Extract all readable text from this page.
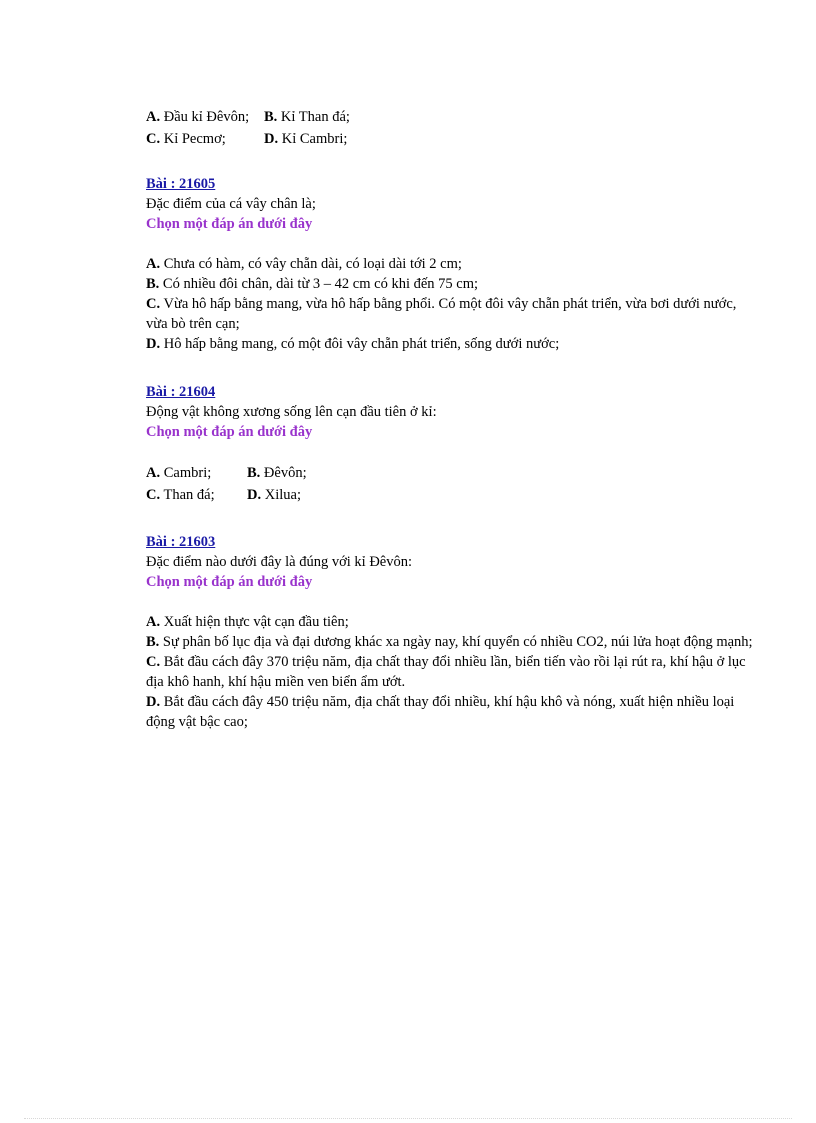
A. Đầu kỉ Đêvôn;	B. Kỉ Than đá;
C. Kỉ Pecmơ;	D. Kỉ Cambri;
Bài : 21605
Đặc điểm của cá vây chân là;
Chọn một đáp án dưới đây
A. Chưa có hàm, có vây chẵn dài, có loại dài tới 2 cm;
B. Có nhiều đôi chân, dài từ 3 – 42 cm có khi đến 75 cm;
C. Vừa hô hấp bằng mang, vừa hô hấp bằng phổi. Có một đôi vây chẵn phát triển, vừa bơi dưới nước, vừa bò trên cạn;
D. Hô hấp bằng mang, có một đôi vây chẵn phát triển, sống dưới nước;
Bài : 21604
Động vật không xương sống lên cạn đầu tiên ở kỉ:
Chọn một đáp án dưới đây
A. Cambri;	B. Đêvôn;
C. Than đá;	D. Xilua;
Bài : 21603
Đặc điểm nào dưới đây là đúng với kỉ Đêvôn:
Chọn một đáp án dưới đây
A. Xuất hiện thực vật cạn đầu tiên;
B. Sự phân bố lục địa và đại dương khác xa ngày nay, khí quyển có nhiều CO2, núi lửa hoạt động mạnh;
C. Bắt đầu cách đây 370 triệu năm, địa chất thay đổi nhiều lần, biển tiến vào rồi lại rút ra, khí hậu ở lục địa khô hanh, khí hậu miền ven biển ẩm ướt.
D. Bắt đầu cách đây 450 triệu năm, địa chất thay đổi nhiều, khí hậu khô và nóng, xuất hiện nhiều loại động vật bậc cao;
